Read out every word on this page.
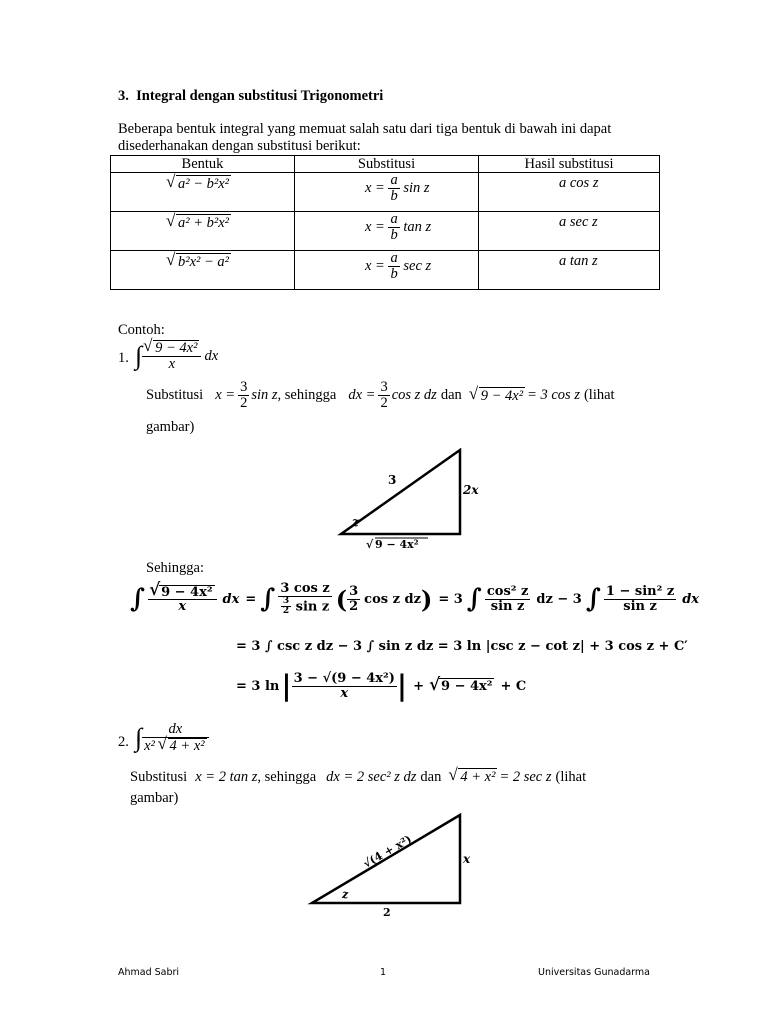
3. Integral dengan substitusi Trigonometri
Beberapa bentuk integral yang memuat salah satu dari tiga bentuk di bawah ini dapat
disederhanakan dengan substitusi berikut:
Bentuk	Substitusi	Hasil substitusi

√ a² − b²x²	$x = \frac{a}{b}$ sin z	a cos z

√ a² + b²x²	$x = \frac{a}{b}$ tan z	a sec z

√ b²x² − a²	$x = \frac{a}{b}$ sec z	a tan z
Contoh:
1. ∫ √ $\frac{\text{9 − 4x²}}{x}$ dx
Substitusi $x = \frac{3}{2}$ sin z , sehingga dx = $\frac{3}{2}$ cos z dz dan	√ 9 − 4x² = 3 cos z (lihat
gambar)
3
2x
z
√ 9 − 4x²
Sehingga:
∫ √ $\frac{\text{9 − 4x²}}{x}$ dx = ∫ $\frac{\text{3 cos z}}{\frac{3}{2} \sin z}$ ( $\frac{3}{2}$ cos z dz ) = 3 ∫ $\frac{\text{cos² z}}{\text{sin z}}$ dz − 3 ∫ $\frac{\text{1 − sin² z}}{\text{sin z}}$ dx
= 3 ∫ csc z dz − 3 ∫ sin z dz = 3 ln |csc z − cot z| + 3 cos z + C′
= 3 ln | $\frac{\text{3 − √(9 − 4x²)}}{x}$ | +	√ 9 − 4x² + C
2. ∫ $\frac{dx}{\text{x² √ 4 + x²}}$
Substitusi x = 2 tan z , sehingga dx = 2 sec² z dz dan	√ 4 + x² = 2 sec z (lihat
gambar)
√(4 + x²)	x
z
2
Ahmad Sabri	1	Universitas Gunadarma
